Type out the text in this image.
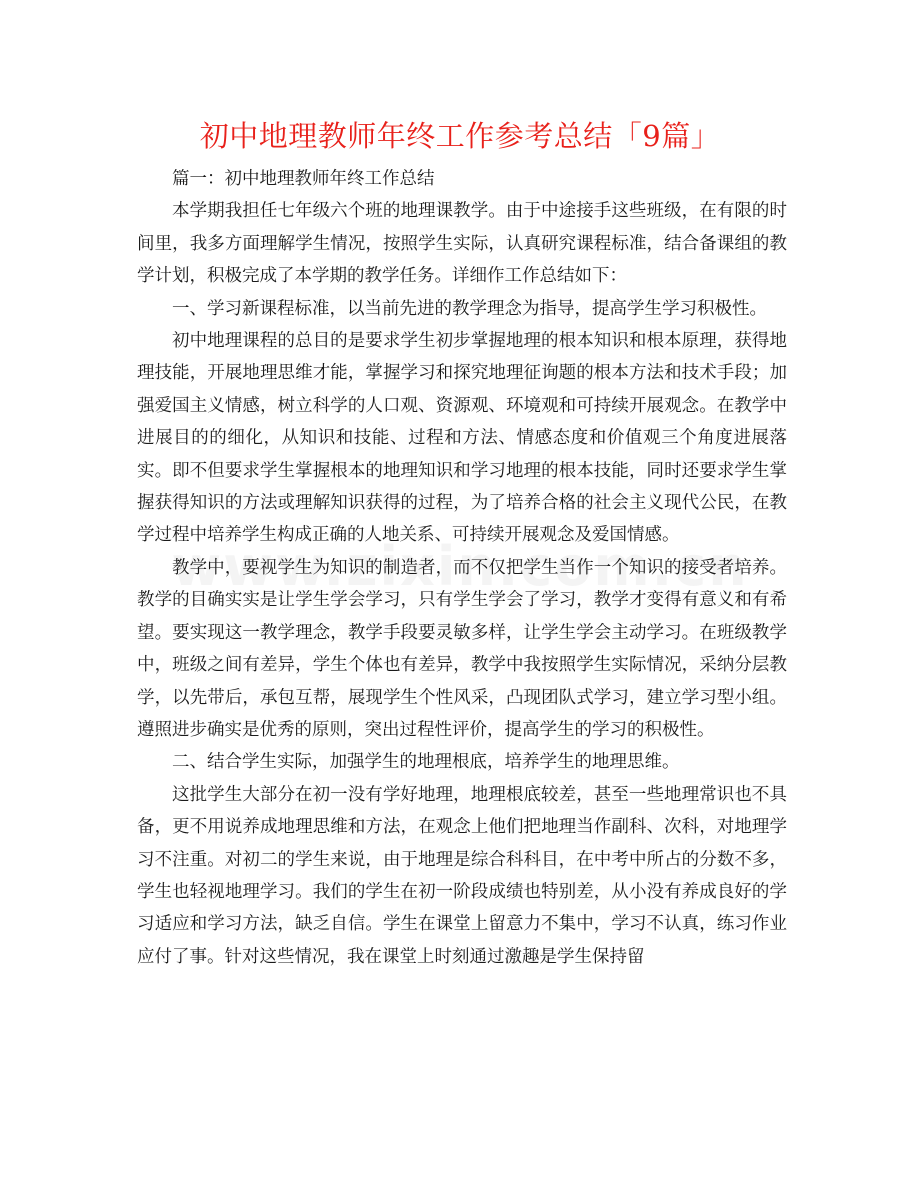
初中地理教师年终工作参考总结「9篇」

篇一：初中地理教师年终工作总结

本学期我担任七年级六个班的地理课教学。由于中途接手这些班级，在有限的时间里，我多方面理解学生情况，按照学生实际，认真研究课程标准，结合备课组的教学计划，积极完成了本学期的教学任务。详细作工作总结如下：

一、学习新课程标准，以当前先进的教学理念为指导，提高学生学习积极性。

初中地理课程的总目的是要求学生初步掌握地理的根本知识和根本原理，获得地理技能，开展地理思维才能，掌握学习和探究地理征询题的根本方法和技术手段；加强爱国主义情感，树立科学的人口观、资源观、环境观和可持续开展观念。在教学中进展目的的细化，从知识和技能、过程和方法、情感态度和价值观三个角度进展落实。即不但要求学生掌握根本的地理知识和学习地理的根本技能，同时还要求学生掌握获得知识的方法或理解知识获得的过程，为了培养合格的社会主义现代公民，在教学过程中培养学生构成正确的人地关系、可持续开展观念及爱国情感。

教学中，要视学生为知识的制造者，而不仅把学生当作一个知识的接受者培养。教学的目确实实是让学生学会学习，只有学生学会了学习，教学才变得有意义和有希望。要实现这一教学理念，教学手段要灵敏多样，让学生学会主动学习。在班级教学中，班级之间有差异，学生个体也有差异，教学中我按照学生实际情况，采纳分层教学，以先带后，承包互帮，展现学生个性风采，凸现团队式学习，建立学习型小组。遵照进步确实是优秀的原则，突出过程性评价，提高学生的学习的积极性。

二、结合学生实际，加强学生的地理根底，培养学生的地理思维。

这批学生大部分在初一没有学好地理，地理根底较差，甚至一些地理常识也不具备，更不用说养成地理思维和方法，在观念上他们把地理当作副科、次科，对地理学习不注重。对初二的学生来说，由于地理是综合科科目，在中考中所占的分数不多，学生也轻视地理学习。我们的学生在初一阶段成绩也特别差，从小没有养成良好的学习适应和学习方法，缺乏自信。学生在课堂上留意力不集中，学习不认真，练习作业应付了事。针对这些情况，我在课堂上时刻通过激趣是学生保持留
